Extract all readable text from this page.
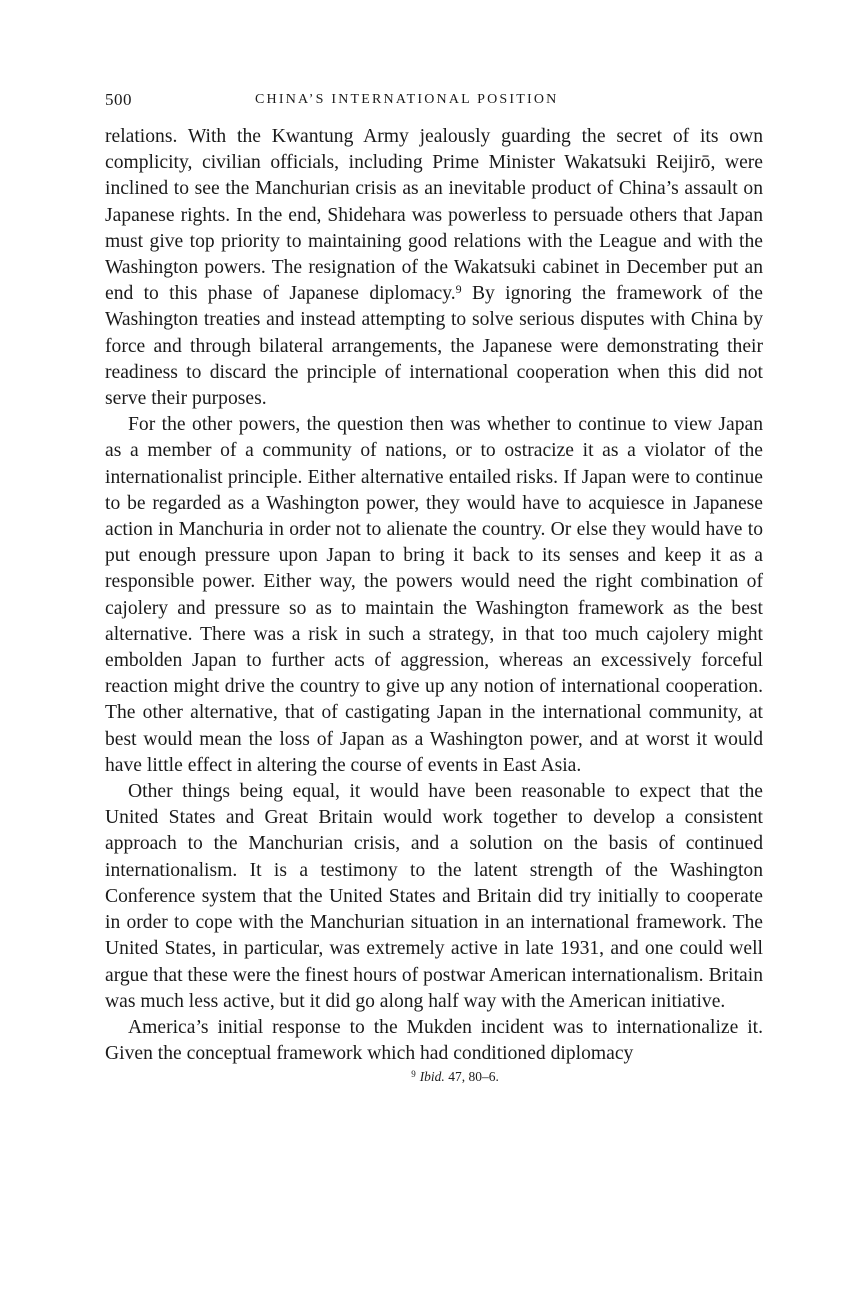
500	CHINA’S INTERNATIONAL POSITION

relations. With the Kwantung Army jealously guarding the secret of its own complicity, civilian officials, including Prime Minister Wakatsuki Reijirō, were inclined to see the Manchurian crisis as an inevitable product of China’s assault on Japanese rights. In the end, Shidehara was powerless to persuade others that Japan must give top priority to maintaining good relations with the League and with the Washington powers. The resignation of the Wakatsuki cabinet in December put an end to this phase of Japanese diplomacy.$^9$ By ignoring the framework of the Washington treaties and instead attempting to solve serious disputes with China by force and through bilateral arrangements, the Japanese were demonstrating their readiness to discard the principle of international cooperation when this did not serve their purposes.

For the other powers, the question then was whether to continue to view Japan as a member of a community of nations, or to ostracize it as a violator of the internationalist principle. Either alternative entailed risks. If Japan were to continue to be regarded as a Washington power, they would have to acquiesce in Japanese action in Manchuria in order not to alienate the country. Or else they would have to put enough pressure upon Japan to bring it back to its senses and keep it as a responsible power. Either way, the powers would need the right combination of cajolery and pressure so as to maintain the Washington framework as the best alternative. There was a risk in such a strategy, in that too much cajolery might embolden Japan to further acts of aggression, whereas an excessively forceful reaction might drive the country to give up any notion of international cooperation. The other alternative, that of castigating Japan in the international community, at best would mean the loss of Japan as a Washington power, and at worst it would have little effect in altering the course of events in East Asia.

Other things being equal, it would have been reasonable to expect that the United States and Great Britain would work together to develop a consistent approach to the Manchurian crisis, and a solution on the basis of continued internationalism. It is a testimony to the latent strength of the Washington Conference system that the United States and Britain did try initially to cooperate in order to cope with the Manchurian situation in an international framework. The United States, in particular, was extremely active in late 1931, and one could well argue that these were the finest hours of postwar American internationalism. Britain was much less active, but it did go along half way with the American initiative.

America’s initial response to the Mukden incident was to internationalize it. Given the conceptual framework which had conditioned diplomacy

$^9$ Ibid. 47, 80–6.
